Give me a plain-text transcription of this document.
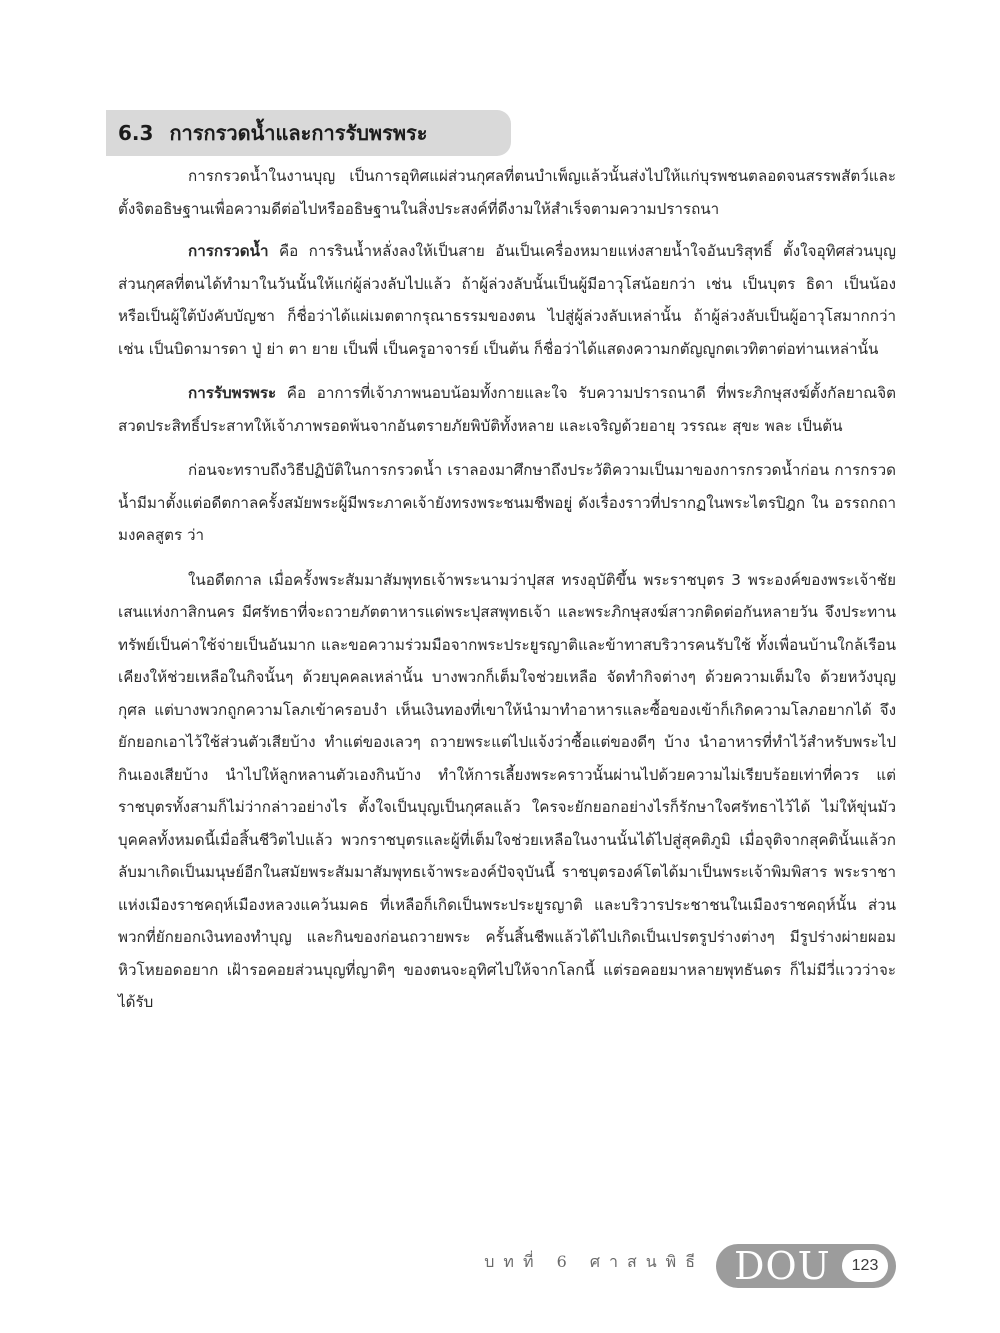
6.3 การกรวดน้ำและการรับพรพระ

การกรวดน้ำในงานบุญ เป็นการอุทิศแผ่ส่วนกุศลที่ตนบำเพ็ญแล้วนั้นส่งไปให้แก่บุรพชนตลอดจนสรรพสัตว์และตั้งจิตอธิษฐานเพื่อความดีต่อไปหรืออธิษฐานในสิ่งประสงค์ที่ดีงามให้สำเร็จตามความปรารถนา

การกรวดน้ำ คือ การรินน้ำหลั่งลงให้เป็นสาย อันเป็นเครื่องหมายแห่งสายน้ำใจอันบริสุทธิ์ ตั้งใจอุทิศส่วนบุญส่วนกุศลที่ตนได้ทำมาในวันนั้นให้แก่ผู้ล่วงลับไปแล้ว ถ้าผู้ล่วงลับนั้นเป็นผู้มีอาวุโสน้อยกว่า เช่น เป็นบุตร ธิดา เป็นน้อง หรือเป็นผู้ใต้บังคับบัญชา ก็ชื่อว่าได้แผ่เมตตากรุณาธรรมของตน ไปสู่ผู้ล่วงลับเหล่านั้น ถ้าผู้ล่วงลับเป็นผู้อาวุโสมากกว่า เช่น เป็นบิดามารดา ปู่ ย่า ตา ยาย เป็นพี่ เป็นครูอาจารย์ เป็นต้น ก็ชื่อว่าได้แสดงความกตัญญูกตเวทิตาต่อท่านเหล่านั้น

การรับพรพระ คือ อาการที่เจ้าภาพนอบน้อมทั้งกายและใจ รับความปรารถนาดี ที่พระภิกษุสงฆ์ตั้งกัลยาณจิต สวดประสิทธิ์ประสาทให้เจ้าภาพรอดพ้นจากอันตรายภัยพิบัติทั้งหลาย และเจริญด้วยอายุ วรรณะ สุขะ พละ เป็นต้น

ก่อนจะทราบถึงวิธีปฏิบัติในการกรวดน้ำ เราลองมาศึกษาถึงประวัติความเป็นมาของการกรวดน้ำก่อน การกรวดน้ำมีมาตั้งแต่อดีตกาลครั้งสมัยพระผู้มีพระภาคเจ้ายังทรงพระชนมชีพอยู่ ดังเรื่องราวที่ปรากฏในพระไตรปิฎก ใน อรรถกถามงคลสูตร ว่า

ในอดีตกาล เมื่อครั้งพระสัมมาสัมพุทธเจ้าพระนามว่าปุสส ทรงอุบัติขึ้น พระราชบุตร 3 พระองค์ของพระเจ้าชัยเสนแห่งกาสิกนคร มีศรัทธาที่จะถวายภัตตาหารแด่พระปุสสพุทธเจ้า และพระภิกษุสงฆ์สาวกติดต่อกันหลายวัน จึงประทานทรัพย์เป็นค่าใช้จ่ายเป็นอันมาก และขอความร่วมมือจากพระประยูรญาติและข้าทาสบริวารคนรับใช้ ทั้งเพื่อนบ้านใกล้เรือนเคียงให้ช่วยเหลือในกิจนั้นๆ ด้วยบุคคลเหล่านั้น บางพวกก็เต็มใจช่วยเหลือ จัดทำกิจต่างๆ ด้วยความเต็มใจ ด้วยหวังบุญกุศล แต่บางพวกถูกความโลภเข้าครอบงำ เห็นเงินทองที่เขาให้นำมาทำอาหารและซื้อของเข้าก็เกิดความโลภอยากได้ จึงยักยอกเอาไว้ใช้ส่วนตัวเสียบ้าง ทำแต่ของเลวๆ ถวายพระแต่ไปแจ้งว่าซื้อแต่ของดีๆ บ้าง นำอาหารที่ทำไว้สำหรับพระไปกินเองเสียบ้าง นำไปให้ลูกหลานตัวเองกินบ้าง ทำให้การเลี้ยงพระคราวนั้นผ่านไปด้วยความไม่เรียบร้อยเท่าที่ควร แต่ราชบุตรทั้งสามก็ไม่ว่ากล่าวอย่างไร ตั้งใจเป็นบุญเป็นกุศลแล้ว ใครจะยักยอกอย่างไรก็รักษาใจศรัทธาไว้ได้ ไม่ให้ขุ่นมัว บุคคลทั้งหมดนี้เมื่อสิ้นชีวิตไปแล้ว พวกราชบุตรและผู้ที่เต็มใจช่วยเหลือในงานนั้นได้ไปสู่สุคติภูมิ เมื่อจุติจากสุคตินั้นแล้วกลับมาเกิดเป็นมนุษย์อีกในสมัยพระสัมมาสัมพุทธเจ้าพระองค์ปัจจุบันนี้ ราชบุตรองค์โตได้มาเป็นพระเจ้าพิมพิสาร พระราชาแห่งเมืองราชคฤห์เมืองหลวงแคว้นมคธ ที่เหลือก็เกิดเป็นพระประยูรญาติ และบริวารประชาชนในเมืองราชคฤห์นั้น ส่วนพวกที่ยักยอกเงินทองทำบุญ และกินของก่อนถวายพระ ครั้นสิ้นชีพแล้วได้ไปเกิดเป็นเปรตรูปร่างต่างๆ มีรูปร่างผ่ายผอม หิวโหยอดอยาก เฝ้ารอคอยส่วนบุญที่ญาติๆ ของตนจะอุทิศไปให้จากโลกนี้ แต่รอคอยมาหลายพุทธันดร ก็ไม่มีวี่แววว่าจะได้รับ

บทที่ 6 ศาสนพิธี DOU	123
